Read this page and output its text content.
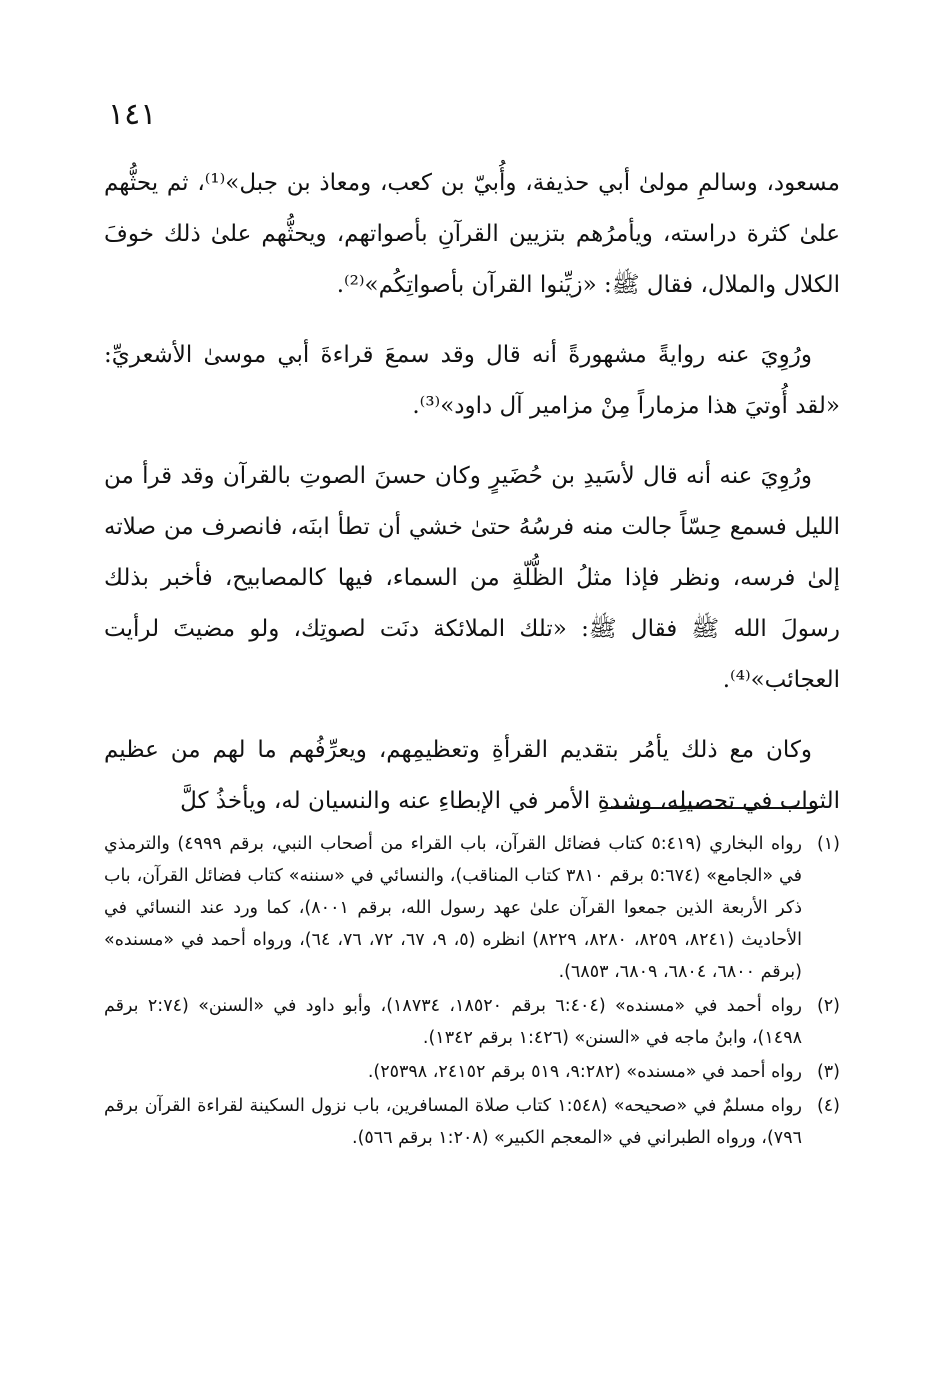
١٤١

مسعود، وسالمِ مولىٰ أبي حذيفة، وأُبيّ بن كعب، ومعاذ بن جبل»⁽¹⁾، ثم يحثُّهم علىٰ كثرة دراسته، ويأمرُهم بتزيين القرآنِ بأصواتهم، ويحثُّهم علىٰ ذلك خوفَ الكلال والملال، فقال ﷺ: «زيِّنوا القرآن بأصواتِكُم»⁽²⁾.

ورُوِيَ عنه روايةً مشهورةً أنه قال وقد سمعَ قراءةَ أبي موسىٰ الأشعريِّ: «لقد أُوتيَ هذا مزماراً مِنْ مزامير آل داود»⁽³⁾.

ورُوِيَ عنه أنه قال لأسَيدِ بن حُضَيرٍ وكان حسنَ الصوتِ بالقرآن وقد قرأ من الليل فسمع حِسّاً جالت منه فرسُهُ حتىٰ خشي أن تطأ ابنَه، فانصرف من صلاته إلىٰ فرسه، ونظر فإذا مثلُ الظُّلّةِ من السماء، فيها كالمصابيح، فأخبر بذلك رسولَ الله ﷺ فقال ﷺ: «تلك الملائكة دنَت لصوتِك، ولو مضيتَ لرأيت العجائب»⁽⁴⁾.

وكان مع ذلك يأمُر بتقديم القرأةِ وتعظيمِهم، ويعرِّفُهم ما لهم من عظيم الثواب في تحصيلِه، وشدةِ الأمر في الإبطاءِ عنه والنسيان له، ويأخذُ كلَّ

(١)
رواه البخاري (٥:٤١٩ كتاب فضائل القرآن، باب القراء من أصحاب النبي، برقم ٤٩٩٩) والترمذي في «الجامع» (٥:٦٧٤ برقم ٣٨١٠ كتاب المناقب)، والنسائي في «سننه» كتاب فضائل القرآن، باب ذكر الأربعة الذين جمعوا القرآن علىٰ عهد رسول الله، برقم ٨٠٠١)، كما ورد عند النسائي في الأحاديث (٨٢٤١، ٨٢٥٩، ٨٢٨٠، ٨٢٢٩) انظره (٥، ٩، ٦٧، ٧٢، ٧٦، ٦٤)، ورواه أحمد في «مسنده» (برقم ٦٨٠٠، ٦٨٠٤، ٦٨٠٩، ٦٨٥٣).
(٢)
رواه أحمد في «مسنده» (٦:٤٠٤ برقم ١٨٥٢٠، ١٨٧٣٤)، وأبو داود في «السنن» (٢:٧٤ برقم ١٤٩٨)، وابنُ ماجه في «السنن» (١:٤٢٦ برقم ١٣٤٢).
(٣)
رواه أحمد في «مسنده» (٩:٢٨٢، ٥١٩ برقم ٢٤١٥٢، ٢٥٣٩٨).
(٤)
رواه مسلمٌ في «صحيحه» (١:٥٤٨ كتاب صلاة المسافرين، باب نزول السكينة لقراءة القرآن برقم ٧٩٦)، ورواه الطبراني في «المعجم الكبير» (١:٢٠٨ برقم ٥٦٦).
